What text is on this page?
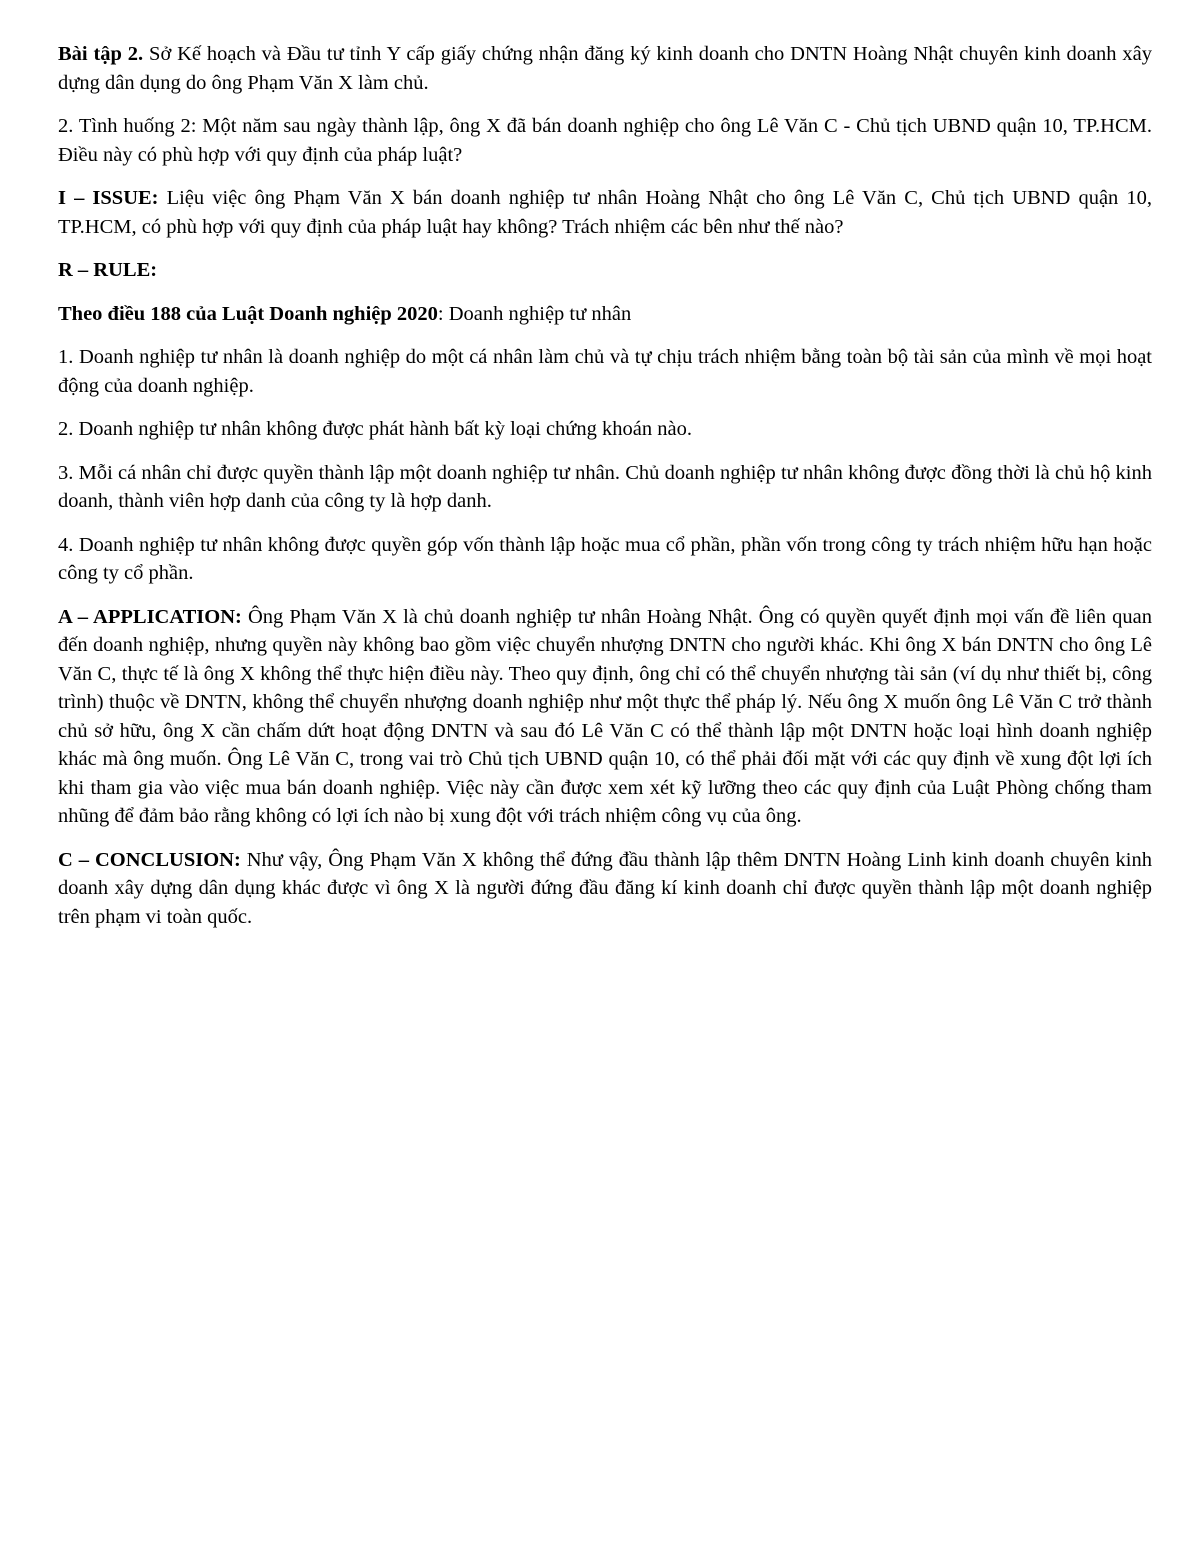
Bài tập 2. Sở Kế hoạch và Đầu tư tỉnh Y cấp giấy chứng nhận đăng ký kinh doanh cho DNTN Hoàng Nhật chuyên kinh doanh xây dựng dân dụng do ông Phạm Văn X làm chủ.

2. Tình huống 2: Một năm sau ngày thành lập, ông X đã bán doanh nghiệp cho ông Lê Văn C - Chủ tịch UBND quận 10, TP.HCM. Điều này có phù hợp với quy định của pháp luật?

I – ISSUE: Liệu việc ông Phạm Văn X bán doanh nghiệp tư nhân Hoàng Nhật cho ông Lê Văn C, Chủ tịch UBND quận 10, TP.HCM, có phù hợp với quy định của pháp luật hay không? Trách nhiệm các bên như thế nào?

R – RULE:

Theo điều 188 của Luật Doanh nghiệp 2020: Doanh nghiệp tư nhân

1. Doanh nghiệp tư nhân là doanh nghiệp do một cá nhân làm chủ và tự chịu trách nhiệm bằng toàn bộ tài sản của mình về mọi hoạt động của doanh nghiệp.

2. Doanh nghiệp tư nhân không được phát hành bất kỳ loại chứng khoán nào.

3. Mỗi cá nhân chỉ được quyền thành lập một doanh nghiệp tư nhân. Chủ doanh nghiệp tư nhân không được đồng thời là chủ hộ kinh doanh, thành viên hợp danh của công ty là hợp danh.

4. Doanh nghiệp tư nhân không được quyền góp vốn thành lập hoặc mua cổ phần, phần vốn trong công ty trách nhiệm hữu hạn hoặc công ty cổ phần.

A – APPLICATION: Ông Phạm Văn X là chủ doanh nghiệp tư nhân Hoàng Nhật. Ông có quyền quyết định mọi vấn đề liên quan đến doanh nghiệp, nhưng quyền này không bao gồm việc chuyển nhượng DNTN cho người khác. Khi ông X bán DNTN cho ông Lê Văn C, thực tế là ông X không thể thực hiện điều này. Theo quy định, ông chỉ có thể chuyển nhượng tài sản (ví dụ như thiết bị, công trình) thuộc về DNTN, không thể chuyển nhượng doanh nghiệp như một thực thể pháp lý. Nếu ông X muốn ông Lê Văn C trở thành chủ sở hữu, ông X cần chấm dứt hoạt động DNTN và sau đó Lê Văn C có thể thành lập một DNTN hoặc loại hình doanh nghiệp khác mà ông muốn. Ông Lê Văn C, trong vai trò Chủ tịch UBND quận 10, có thể phải đối mặt với các quy định về xung đột lợi ích khi tham gia vào việc mua bán doanh nghiệp. Việc này cần được xem xét kỹ lưỡng theo các quy định của Luật Phòng chống tham nhũng để đảm bảo rằng không có lợi ích nào bị xung đột với trách nhiệm công vụ của ông.

C – CONCLUSION: Như vậy, Ông Phạm Văn X không thể đứng đầu thành lập thêm DNTN Hoàng Linh kinh doanh chuyên kinh doanh xây dựng dân dụng khác được vì ông X là người đứng đầu đăng kí kinh doanh chỉ được quyền thành lập một doanh nghiệp trên phạm vi toàn quốc.
